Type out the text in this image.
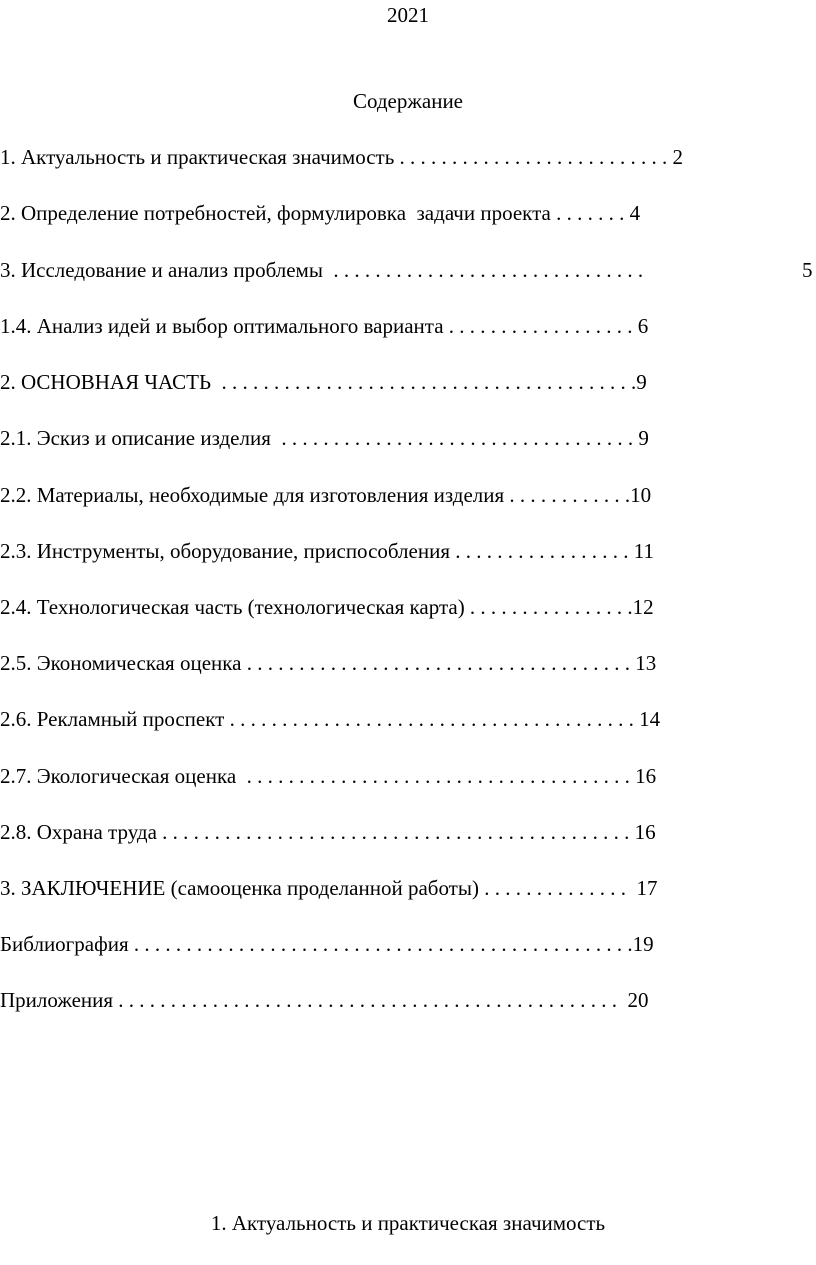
2021
Содержание
1. Актуальность и практическая значимость . . . . . . . . . . . . . . . . . . . . . . . . . . 2
2. Определение потребностей, формулировка  задачи проекта . . . . . . . 4
3. Исследование и анализ проблемы  . . . . . . . . . . . . . . . . . . . . . . . . . . . . . .	5
1.4. Анализ идей и выбор оптимального варианта . . . . . . . . . . . . . . . . . . 6
2. ОСНОВНАЯ ЧАСТЬ  . . . . . . . . . . . . . . . . . . . . . . . . . . . . . . . . . . . . . . . .9
2.1. Эскиз и описание изделия  . . . . . . . . . . . . . . . . . . . . . . . . . . . . . . . . . . 9
2.2. Материалы, необходимые для изготовления изделия . . . . . . . . . . . .10
2.3. Инструменты, оборудование, приспособления . . . . . . . . . . . . . . . . . 11
2.4. Технологическая часть (технологическая карта) . . . . . . . . . . . . . . . .12
2.5. Экономическая оценка . . . . . . . . . . . . . . . . . . . . . . . . . . . . . . . . . . . . . 13
2.6. Рекламный проспект . . . . . . . . . . . . . . . . . . . . . . . . . . . . . . . . . . . . . . . 14
2.7. Экологическая оценка  . . . . . . . . . . . . . . . . . . . . . . . . . . . . . . . . . . . . . 16
2.8. Охрана труда . . . . . . . . . . . . . . . . . . . . . . . . . . . . . . . . . . . . . . . . . . . . . 16
3. ЗАКЛЮЧЕНИЕ (самооценка проделанной работы) . . . . . . . . . . . . . .  17
Библиография . . . . . . . . . . . . . . . . . . . . . . . . . . . . . . . . . . . . . . . . . . . . . . . .19
Приложения . . . . . . . . . . . . . . . . . . . . . . . . . . . . . . . . . . . . . . . . . . . . . . . .  20
1. Актуальность и практическая значимость
